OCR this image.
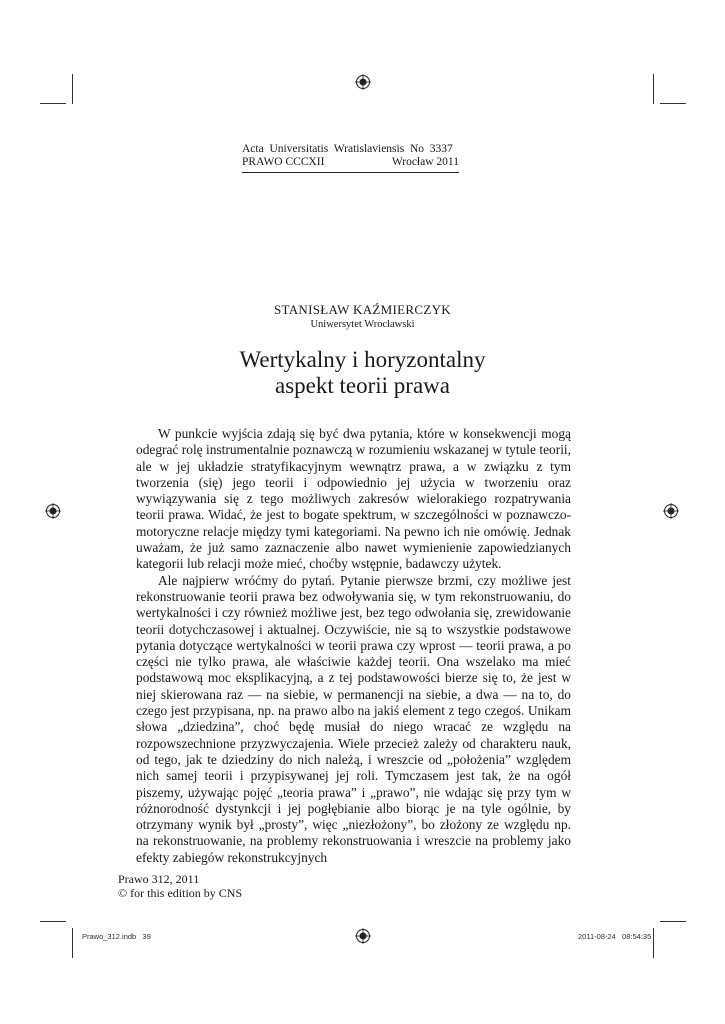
Acta  Universitatis  Wratislaviensis  No  3337
PRAWO CCCXII	Wrocław 2011
STANISŁAW KAŹMIERCZYK
Uniwersytet Wrocławski
Wertykalny i horyzontalny
aspekt teorii prawa

W punkcie wyjścia zdają się być dwa pytania, które w konsekwencji mogą odegrać rolę instrumentalnie poznawczą w rozumieniu wskazanej w tytule teorii, ale w jej układzie stratyfikacyjnym wewnątrz prawa, a w związku z tym tworzenia (się) jego teorii i odpowiednio jej użycia w tworzeniu oraz wywiązywania się z tego możliwych zakresów wielorakiego rozpatrywania teorii prawa. Widać, że jest to bogate spektrum, w szczególności w poznawczo-motoryczne relacje między tymi kategoriami. Na pewno ich nie omówię. Jednak uważam, że już samo zaznaczenie albo nawet wymienienie zapowiedzianych kategorii lub relacji może mieć, choćby wstępnie, badawczy użytek.

Ale najpierw wróćmy do pytań. Pytanie pierwsze brzmi, czy możliwe jest rekonstruowanie teorii prawa bez odwoływania się, w tym rekonstruowaniu, do wertykalności i czy również możliwe jest, bez tego odwołania się, zrewidowanie teorii dotychczasowej i aktualnej. Oczywiście, nie są to wszystkie podstawowe pytania dotyczące wertykalności w teorii prawa czy wprost — teorii prawa, a po części nie tylko prawa, ale właściwie każdej teorii. Ona wszelako ma mieć podstawową moc eksplikacyjną, a z tej podstawowości bierze się to, że jest w niej skierowana raz — na siebie, w permanencji na siebie, a dwa — na to, do czego jest przypisana, np. na prawo albo na jakiś element z tego czegoś. Unikam słowa „dziedzina”, choć będę musiał do niego wracać ze względu na rozpowszechnione przyzwyczajenia. Wiele przecież zależy od charakteru nauk, od tego, jak te dziedziny do nich należą, i wreszcie od „położenia” względem nich samej teorii i przypisywanej jej roli. Tymczasem jest tak, że na ogół piszemy, używając pojęć „teoria prawa” i „prawo”, nie wdając się przy tym w różnorodność dystynkcji i jej pogłębianie albo biorąc je na tyle ogólnie, by otrzymany wynik był „prosty”, więc „niezłożony”, bo złożony ze względu np. na rekonstruowanie, na problemy rekonstruowania i wreszcie na problemy jako efekty zabiegów rekonstrukcyjnych

Prawo 312, 2011
© for this edition by CNS
Prawo_312.indb   39	2011-08-24   08:54:35
